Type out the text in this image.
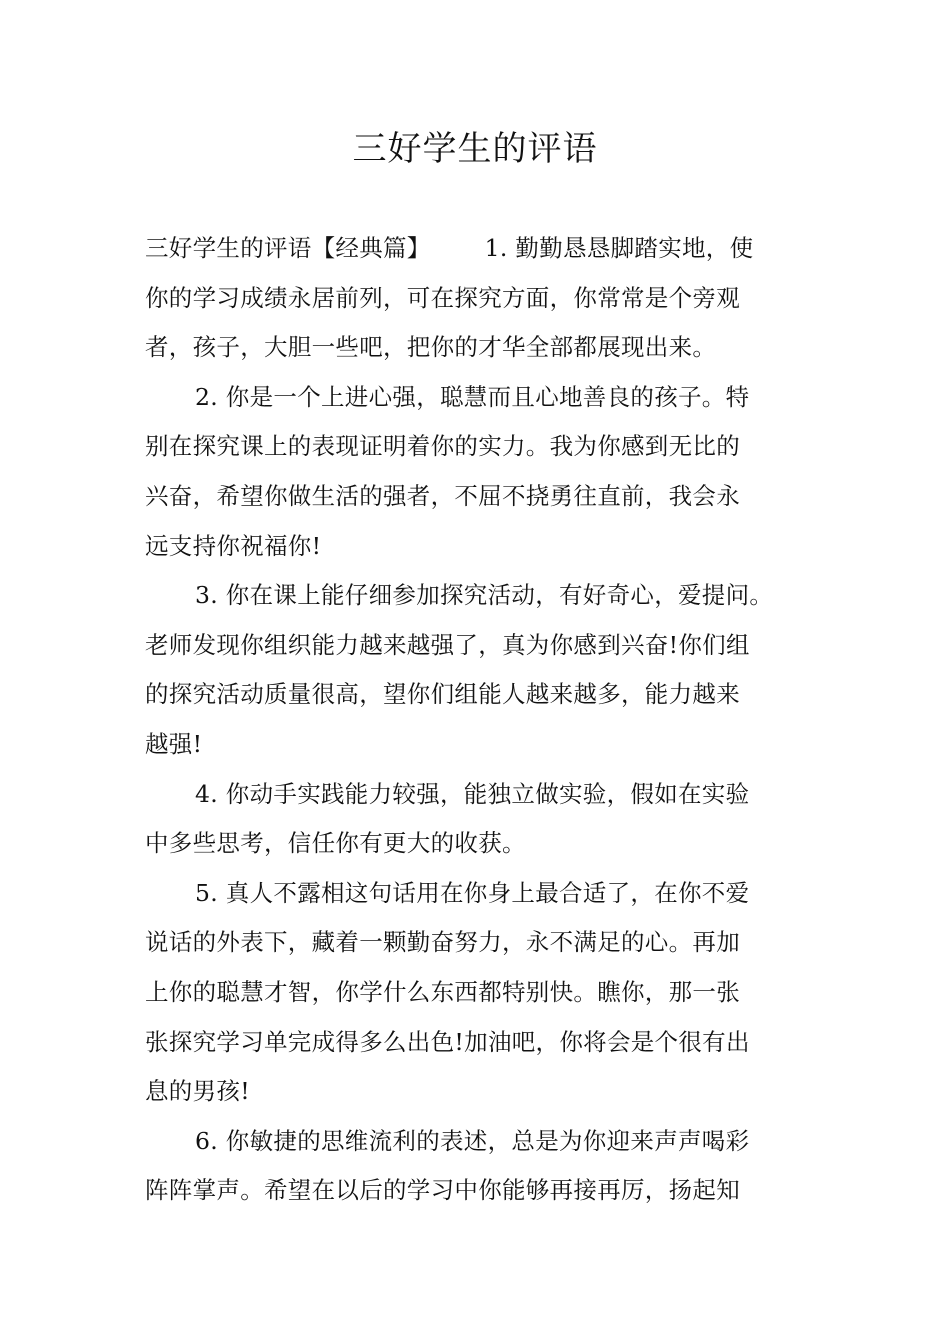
三好学生的评语
三好学生的评语【经典篇】 1. 勤勤恳恳脚踏实地，使
你的学习成绩永居前列，可在探究方面，你常常是个旁观
者，孩子，大胆一些吧，把你的才华全部都展现出来。
2. 你是一个上进心强，聪慧而且心地善良的孩子。特
别在探究课上的表现证明着你的实力。我为你感到无比的
兴奋，希望你做生活的强者，不屈不挠勇往直前，我会永
远支持你祝福你!
3. 你在课上能仔细参加探究活动，有好奇心，爱提问。
老师发现你组织能力越来越强了，真为你感到兴奋!你们组
的探究活动质量很高，望你们组能人越来越多，能力越来
越强!
4. 你动手实践能力较强，能独立做实验，假如在实验
中多些思考，信任你有更大的收获。
5. 真人不露相这句话用在你身上最合适了，在你不爱
说话的外表下，藏着一颗勤奋努力，永不满足的心。再加
上你的聪慧才智，你学什么东西都特别快。瞧你，那一张
张探究学习单完成得多么出色!加油吧，你将会是个很有出
息的男孩!
6. 你敏捷的思维流利的表述，总是为你迎来声声喝彩
阵阵掌声。希望在以后的学习中你能够再接再厉，扬起知
